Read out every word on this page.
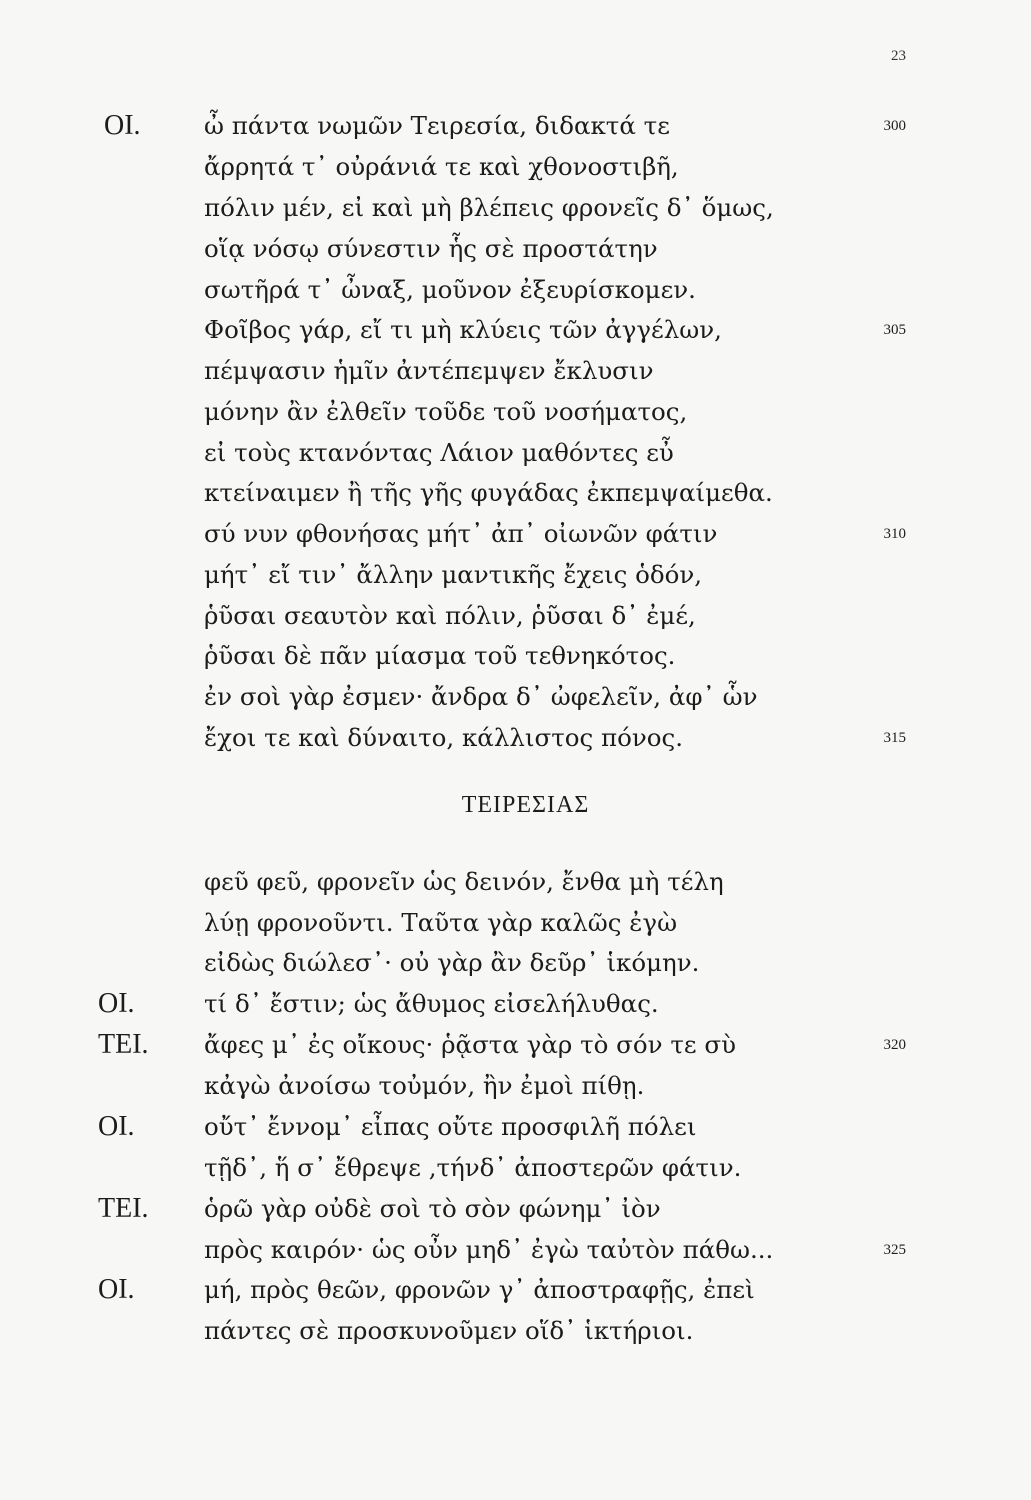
23
ΟΙ.	ὦ πάντα νωμῶν Τειρεσία, διδακτά τε	300
ἄρρητά τ᾽ οὐράνιά τε καὶ χθονοστιβῆ,
πόλιν μέν, εἰ καὶ μὴ βλέπεις φρονεῖς δ᾽ ὅμως,
οἵᾳ νόσῳ σύνεστιν ἧς σὲ προστάτην
σωτῆρά τ᾽ ὦναξ, μοῦνον ἐξευρίσκομεν.
Φοῖβος γάρ, εἴ τι μὴ κλύεις τῶν ἀγγέλων,	305
πέμψασιν ἡμῖν ἀντέπεμψεν ἔκλυσιν
μόνην ἂν ἐλθεῖν τοῦδε τοῦ νοσήματος,
εἰ τοὺς κτανόντας Λάιον μαθόντες εὖ
κτείναιμεν ἢ τῆς γῆς φυγάδας ἐκπεμψαίμεθα.
σύ νυν φθονήσας μήτ᾽ ἀπ᾽ οἰωνῶν φάτιν	310
μήτ᾽ εἴ τιν᾽ ἄλλην μαντικῆς ἔχεις ὁδόν,
ῥῦσαι σεαυτὸν καὶ πόλιν, ῥῦσαι δ᾽ ἐμέ,
ῥῦσαι δὲ πᾶν μίασμα τοῦ τεθνηκότος.
ἐν σοὶ γὰρ ἐσμεν· ἄνδρα δ᾽ ὠφελεῖν, ἀφ᾽ ὧν
ἔχοι τε καὶ δύναιτο, κάλλιστος πόνος.	315
ΤΕΙΡΕΣΙΑΣ
φεῦ φεῦ, φρονεῖν ὡς δεινόν, ἔνθα μὴ τέλη
λύῃ φρονοῦντι. Ταῦτα γὰρ καλῶς ἐγὼ
εἰδὼς διώλεσ᾽· οὐ γὰρ ἂν δεῦρ᾽ ἱκόμην.
ΟΙ.	τί δ᾽ ἔστιν; ὡς ἄθυμος εἰσελήλυθας.
ΤΕΙ. ἄφες μ᾽ ἐς οἴκους· ῥᾷστα γὰρ τὸ σόν τε σὺ	320
κἀγὼ ἀνοίσω τοὐμόν, ἢν ἐμοὶ πίθῃ.
ΟΙ.	οὔτ᾽ ἔννομ᾽ εἶπας οὔτε προσφιλῆ πόλει
τῇδ᾽, ἥ σ᾽ ἔθρεψε ,τήνδ᾽ ἀποστερῶν φάτιν.
ΤΕΙ. ὁρῶ γὰρ οὐδὲ σοὶ τὸ σὸν φώνημ᾽ ἰὸν
πρὸς καιρόν· ὡς οὖν μηδ᾽ ἐγὼ ταὐτὸν πάθω...	325
ΟΙ.	μή, πρὸς θεῶν, φρονῶν γ᾽ ἀποστραφῇς, ἐπεὶ
πάντες σὲ προσκυνοῦμεν οἵδ᾽ ἱκτήριοι.
